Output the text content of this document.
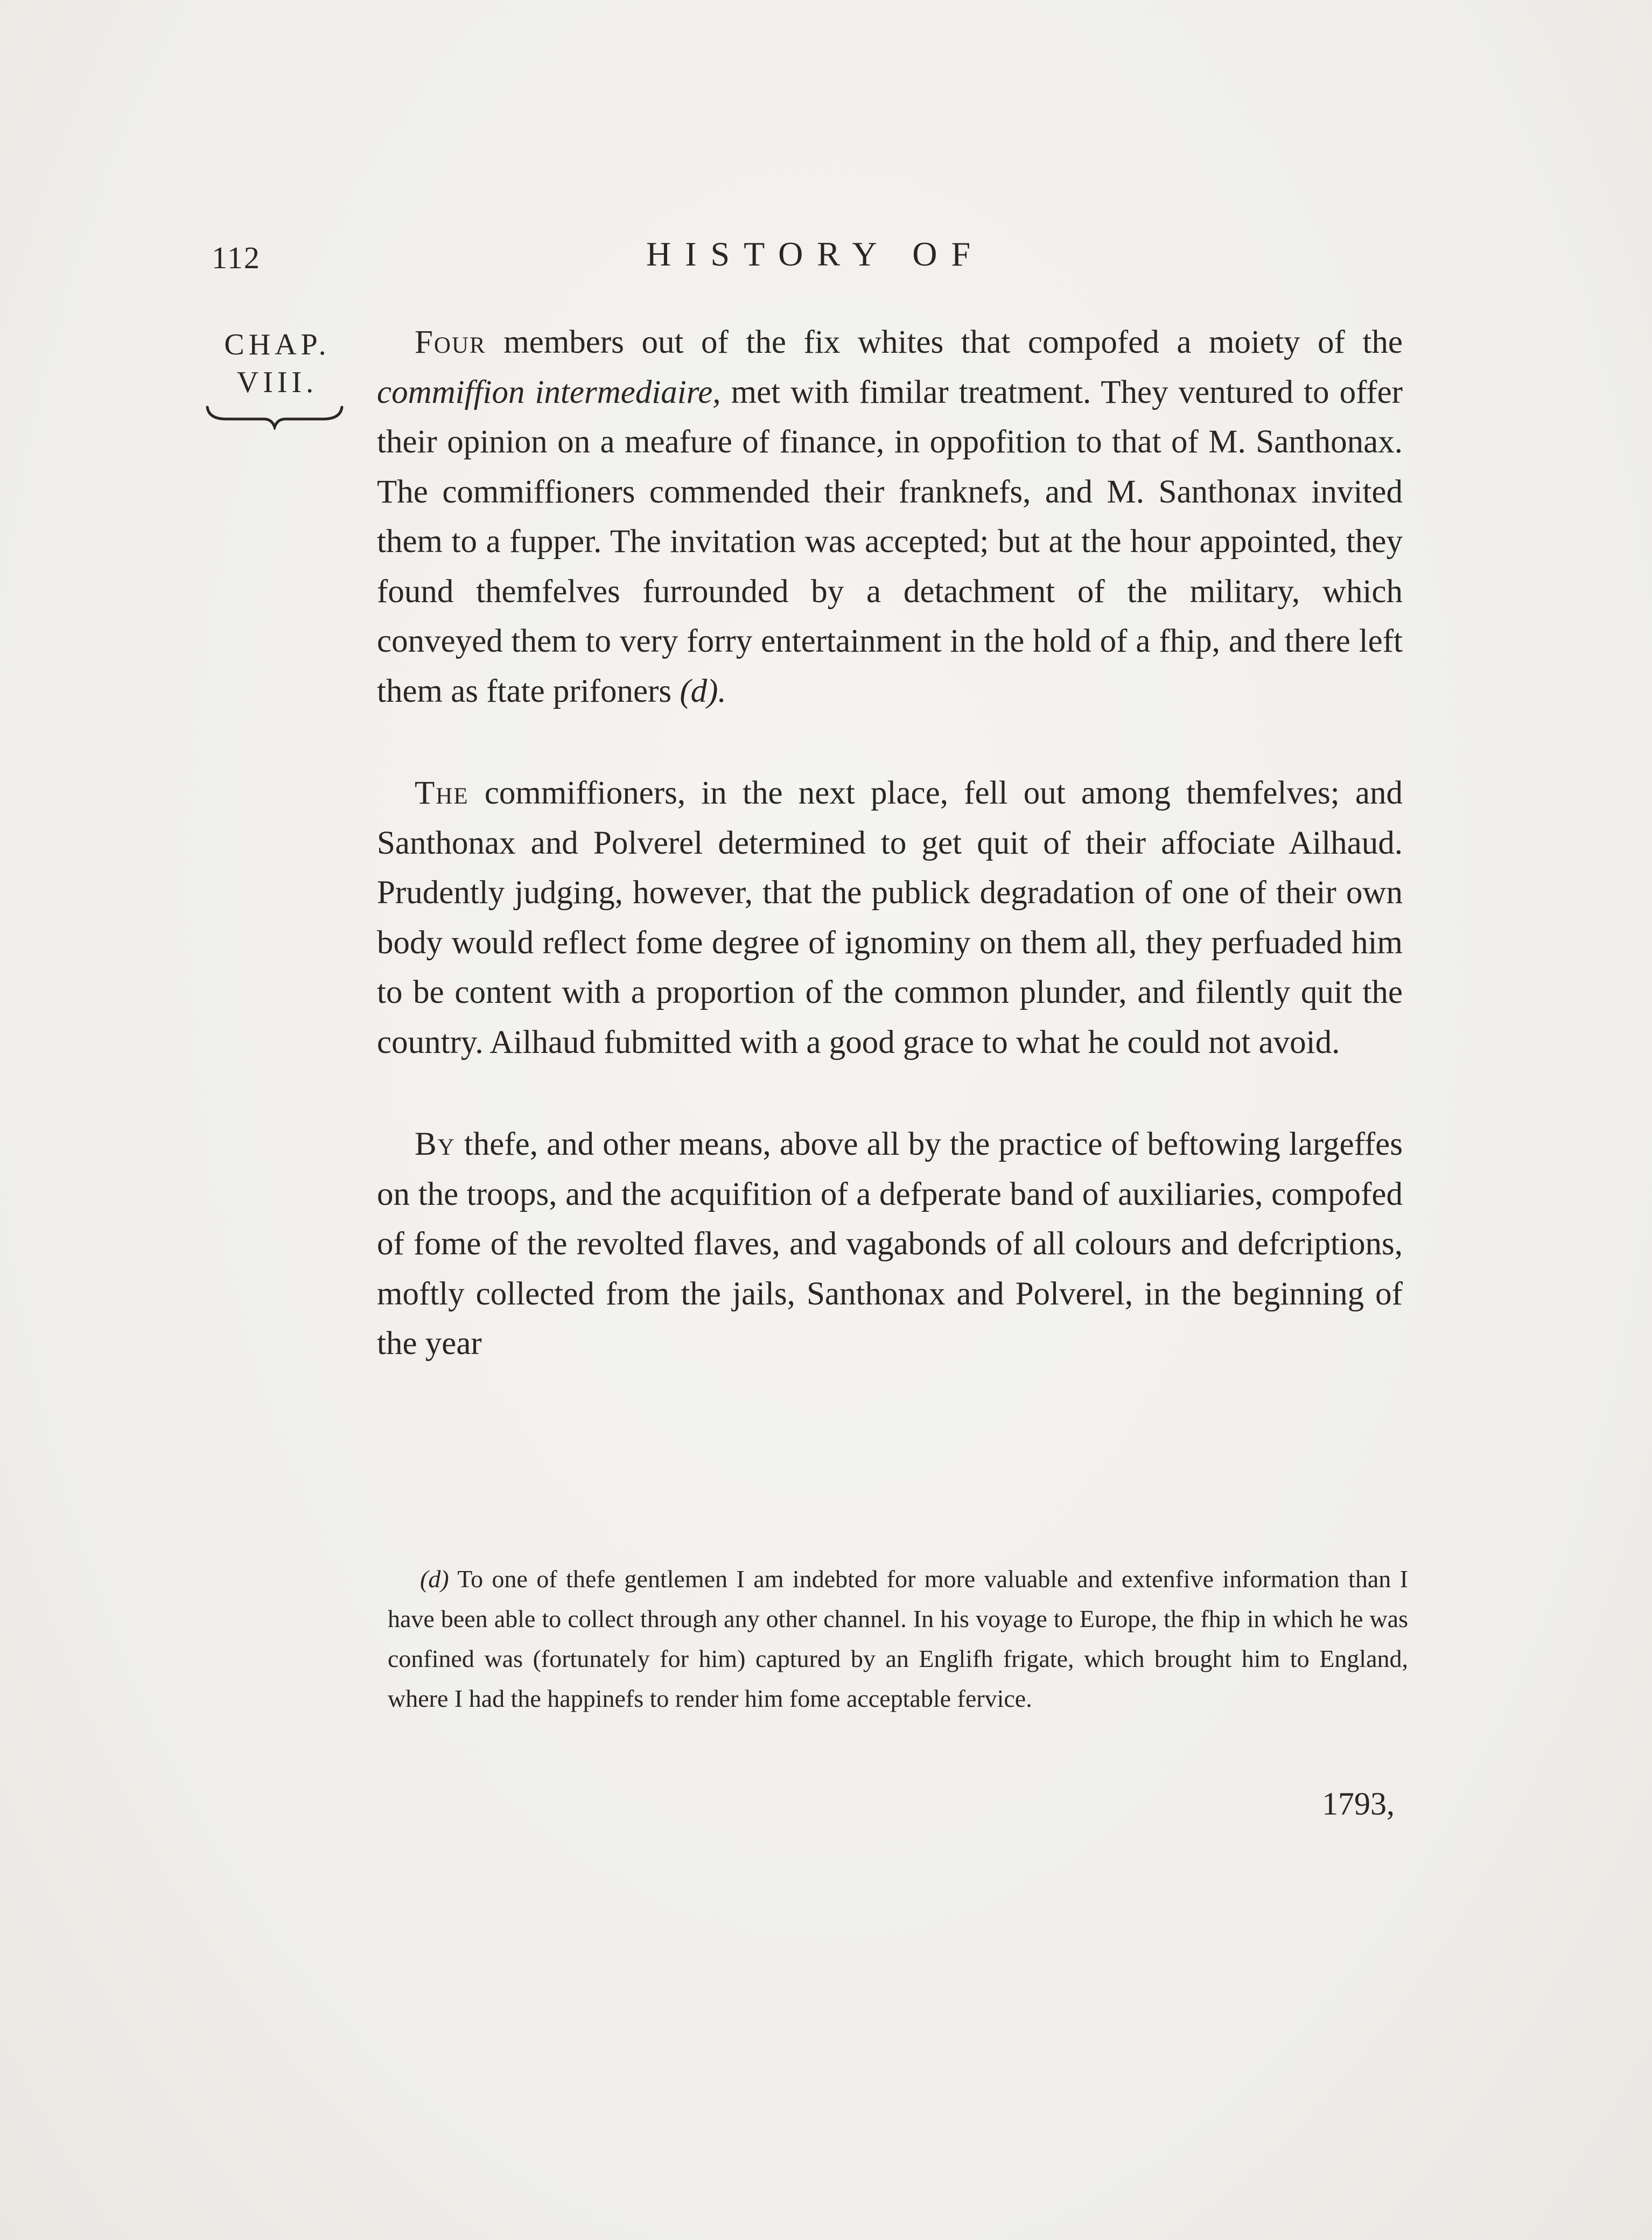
112	HISTORY OF
CHAP.
VIII.

Four members out of the fix whites that compofed a moiety of the commiffion intermediaire, met with fimilar treatment. They ventured to offer their opinion on a meafure of finance, in oppofition to that of M. Santhonax. The commiffioners commended their franknefs, and M. Santhonax invited them to a fupper. The invitation was accepted; but at the hour appointed, they found themfelves furrounded by a detachment of the military, which conveyed them to very forry entertainment in the hold of a fhip, and there left them as ftate prifoners (d).

The commiffioners, in the next place, fell out among themfelves; and Santhonax and Polverel determined to get quit of their affociate Ailhaud. Prudently judging, however, that the publick degradation of one of their own body would reflect fome degree of ignominy on them all, they perfuaded him to be content with a proportion of the common plunder, and filently quit the country. Ailhaud fubmitted with a good grace to what he could not avoid.

By thefe, and other means, above all by the practice of beftowing largeffes on the troops, and the acquifition of a defperate band of auxiliaries, compofed of fome of the revolted flaves, and vagabonds of all colours and defcriptions, moftly collected from the jails, Santhonax and Polverel, in the beginning of the year

(d) To one of thefe gentlemen I am indebted for more valuable and extenfive information than I have been able to collect through any other channel. In his voyage to Europe, the fhip in which he was confined was (fortunately for him) captured by an Englifh frigate, which brought him to England, where I had the happinefs to render him fome acceptable fervice.
1793,
